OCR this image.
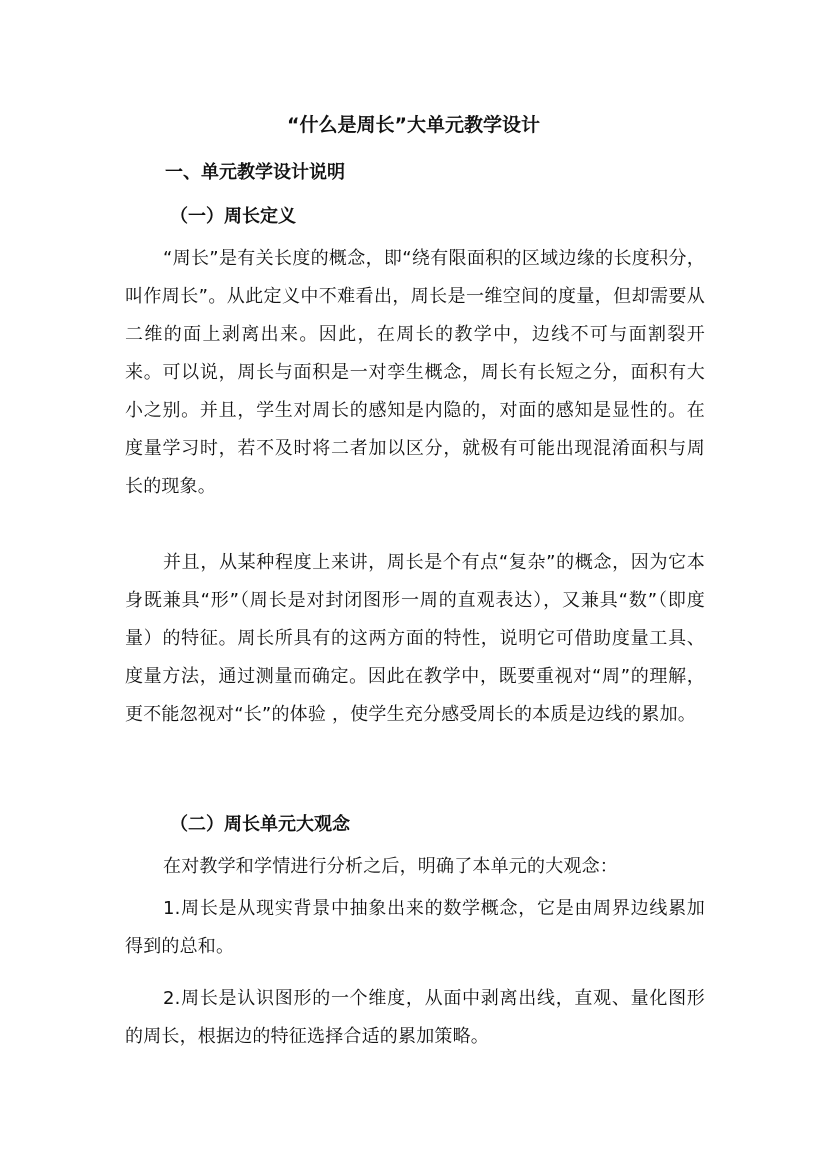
“什么是周长”大单元教学设计
一、单元教学设计说明
（一）周长定义

“周长”是有关长度的概念，即“绕有限面积的区域边缘的长度积分，叫作周长”。从此定义中不难看出，周长是一维空间的度量，但却需要从二维的面上剥离出来。因此，在周长的教学中，边线不可与面割裂开来。可以说，周长与面积是一对孪生概念，周长有长短之分，面积有大小之别。并且，学生对周长的感知是内隐的，对面的感知是显性的。在度量学习时，若不及时将二者加以区分，就极有可能出现混淆面积与周长的现象。

并且，从某种程度上来讲，周长是个有点“复杂”的概念，因为它本身既兼具“形”（周长是对封闭图形一周的直观表达），又兼具“数”（即度量）的特征。周长所具有的这两方面的特性，说明它可借助度量工具、度量方法，通过测量而确定。因此在教学中，既要重视对“周”的理解，更不能忽视对“长”的体验 ，使学生充分感受周长的本质是边线的累加。

（二）周长单元大观念

在对教学和学情进行分析之后，明确了本单元的大观念：

1.周长是从现实背景中抽象出来的数学概念，它是由周界边线累加得到的总和。

2.周长是认识图形的一个维度，从面中剥离出线，直观、量化图形的周长，根据边的特征选择合适的累加策略。
